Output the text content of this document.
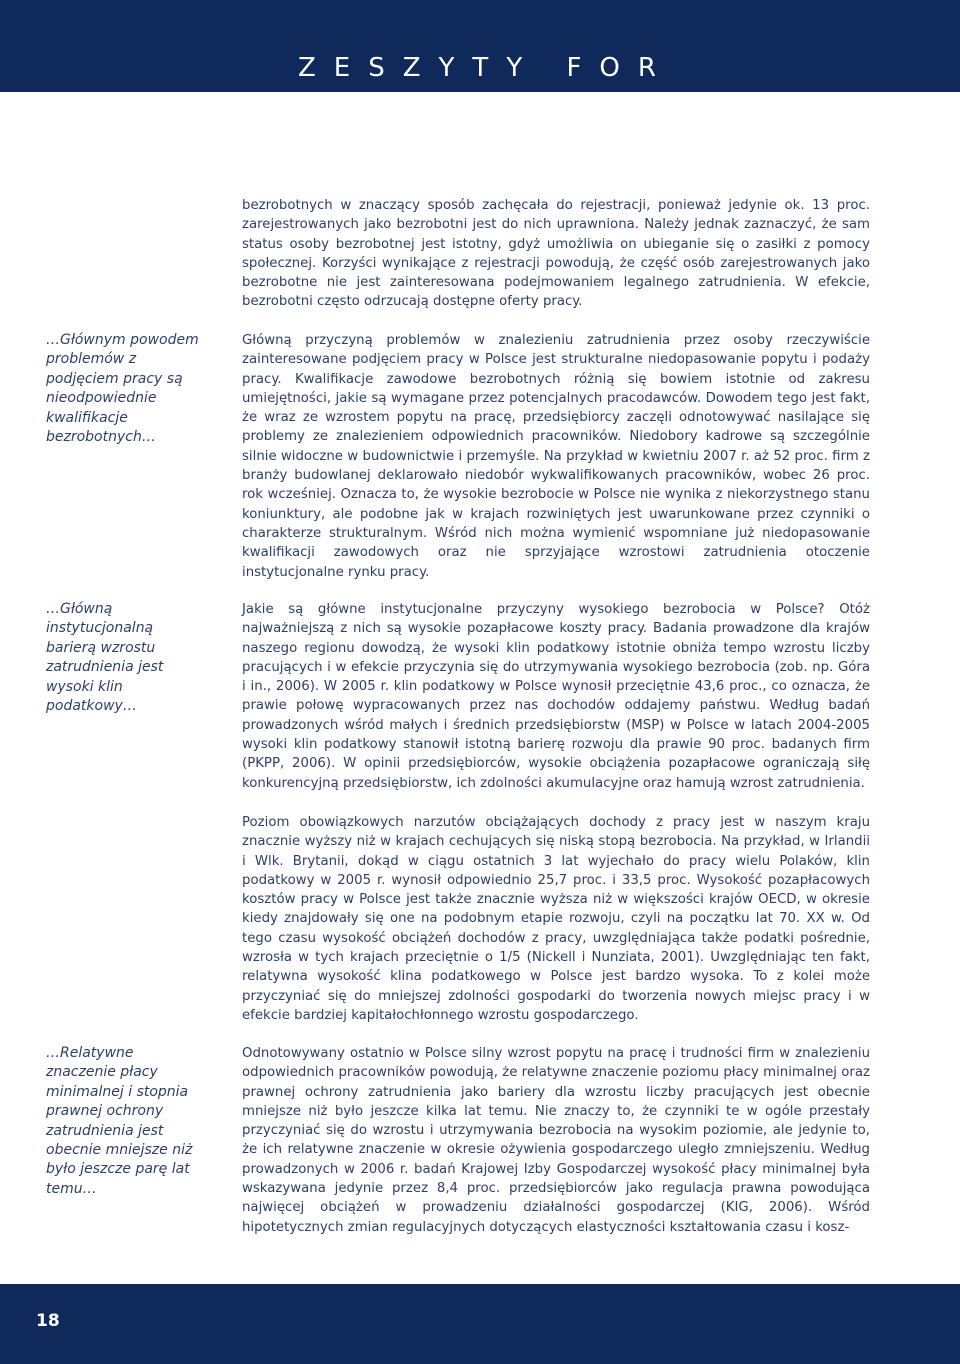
ZESZYTY FOR

…Głównym powodem problemów z podjęciem pracy są nieodpowiednie kwalifikacje bezrobotnych…

…Główną instytucjonalną barierą wzrostu zatrudnienia jest wysoki klin podatkowy…

…Relatywne znaczenie płacy minimalnej i stopnia prawnej ochrony zatrudnienia jest obecnie mniejsze niż było jeszcze parę lat temu…

bezrobotnych w znaczący sposób zachęcała do rejestracji, ponieważ jedynie ok. 13 proc. zarejestrowanych jako bezrobotni jest do nich uprawniona. Należy jednak zaznaczyć, że sam status osoby bezrobotnej jest istotny, gdyż umożliwia on ubieganie się o zasiłki z pomocy społecznej. Korzyści wynikające z rejestracji powodują, że część osób zarejestrowanych jako bezrobotne nie jest zainteresowana podejmowaniem legalnego zatrudnienia. W efekcie, bezrobotni często odrzucają dostępne oferty pracy.

Główną przyczyną problemów w znalezieniu zatrudnienia przez osoby rzeczywiście zainteresowane podjęciem pracy w Polsce jest strukturalne niedopasowanie popytu i podaży pracy. Kwalifikacje zawodowe bezrobotnych różnią się bowiem istotnie od zakresu umiejętności, jakie są wymagane przez potencjalnych pracodawców. Dowodem tego jest fakt, że wraz ze wzrostem popytu na pracę, przedsiębiorcy zaczęli odnotowywać nasilające się problemy ze znalezieniem odpowiednich pracowników. Niedobory kadrowe są szczególnie silnie widoczne w budownictwie i przemyśle. Na przykład w kwietniu 2007 r. aż 52 proc. firm z branży budowlanej deklarowało niedobór wykwalifikowanych pracowników, wobec 26 proc. rok wcześniej. Oznacza to, że wysokie bezrobocie w Polsce nie wynika z niekorzystnego stanu koniunktury, ale podobne jak w krajach rozwiniętych jest uwarunkowane przez czynniki o charakterze strukturalnym. Wśród nich można wymienić wspomniane już niedopasowanie kwalifikacji zawodowych oraz nie sprzyjające wzrostowi zatrudnienia otoczenie instytucjonalne rynku pracy.

Jakie są główne instytucjonalne przyczyny wysokiego bezrobocia w Polsce? Otóż najważniejszą z nich są wysokie pozapłacowe koszty pracy. Badania prowadzone dla krajów naszego regionu dowodzą, że wysoki klin podatkowy istotnie obniża tempo wzrostu liczby pracujących i w efekcie przyczynia się do utrzymywania wysokiego bezrobocia (zob. np. Góra i in., 2006). W 2005 r. klin podatkowy w Polsce wynosił przeciętnie 43,6 proc., co oznacza, że prawie połowę wypracowanych przez nas dochodów oddajemy państwu. Według badań prowadzonych wśród małych i średnich przedsiębiorstw (MSP) w Polsce w latach 2004-2005 wysoki klin podatkowy stanowił istotną barierę rozwoju dla prawie 90 proc. badanych firm (PKPP, 2006). W opinii przedsiębiorców, wysokie obciążenia pozapłacowe ograniczają siłę konkurencyjną przedsiębiorstw, ich zdolności akumulacyjne oraz hamują wzrost zatrudnienia.

Poziom obowiązkowych narzutów obciążających dochody z pracy jest w naszym kraju znacznie wyższy niż w krajach cechujących się niską stopą bezrobocia. Na przykład, w Irlandii i Wlk. Brytanii, dokąd w ciągu ostatnich 3 lat wyjechało do pracy wielu Polaków, klin podatkowy w 2005 r. wynosił odpowiednio 25,7 proc. i 33,5 proc. Wysokość pozapłacowych kosztów pracy w Polsce jest także znacznie wyższa niż w większości krajów OECD, w okresie kiedy znajdowały się one na podobnym etapie rozwoju, czyli na początku lat 70. XX w. Od tego czasu wysokość obciążeń dochodów z pracy, uwzględniająca także podatki pośrednie, wzrosła w tych krajach przeciętnie o 1/5 (Nickell i Nunziata, 2001). Uwzględniając ten fakt, relatywna wysokość klina podatkowego w Polsce jest bardzo wysoka. To z kolei może przyczyniać się do mniejszej zdolności gospodarki do tworzenia nowych miejsc pracy i w efekcie bardziej kapitałochłonnego wzrostu gospodarczego.

Odnotowywany ostatnio w Polsce silny wzrost popytu na pracę i trudności firm w znalezieniu odpowiednich pracowników powodują, że relatywne znaczenie poziomu płacy minimalnej oraz prawnej ochrony zatrudnienia jako bariery dla wzrostu liczby pracujących jest obecnie mniejsze niż było jeszcze kilka lat temu. Nie znaczy to, że czynniki te w ogóle przestały przyczyniać się do wzrostu i utrzymywania bezrobocia na wysokim poziomie, ale jedynie to, że ich relatywne znaczenie w okresie ożywienia gospodarczego uległo zmniejszeniu. Według prowadzonych w 2006 r. badań Krajowej Izby Gospodarczej wysokość płacy minimalnej była wskazywana jedynie przez 8,4 proc. przedsiębiorców jako regulacja prawna powodująca najwięcej obciążeń w prowadzeniu działalności gospodarczej (KIG, 2006). Wśród hipotetycznych zmian regulacyjnych dotyczących elastyczności kształtowania czasu i kosz-

18
